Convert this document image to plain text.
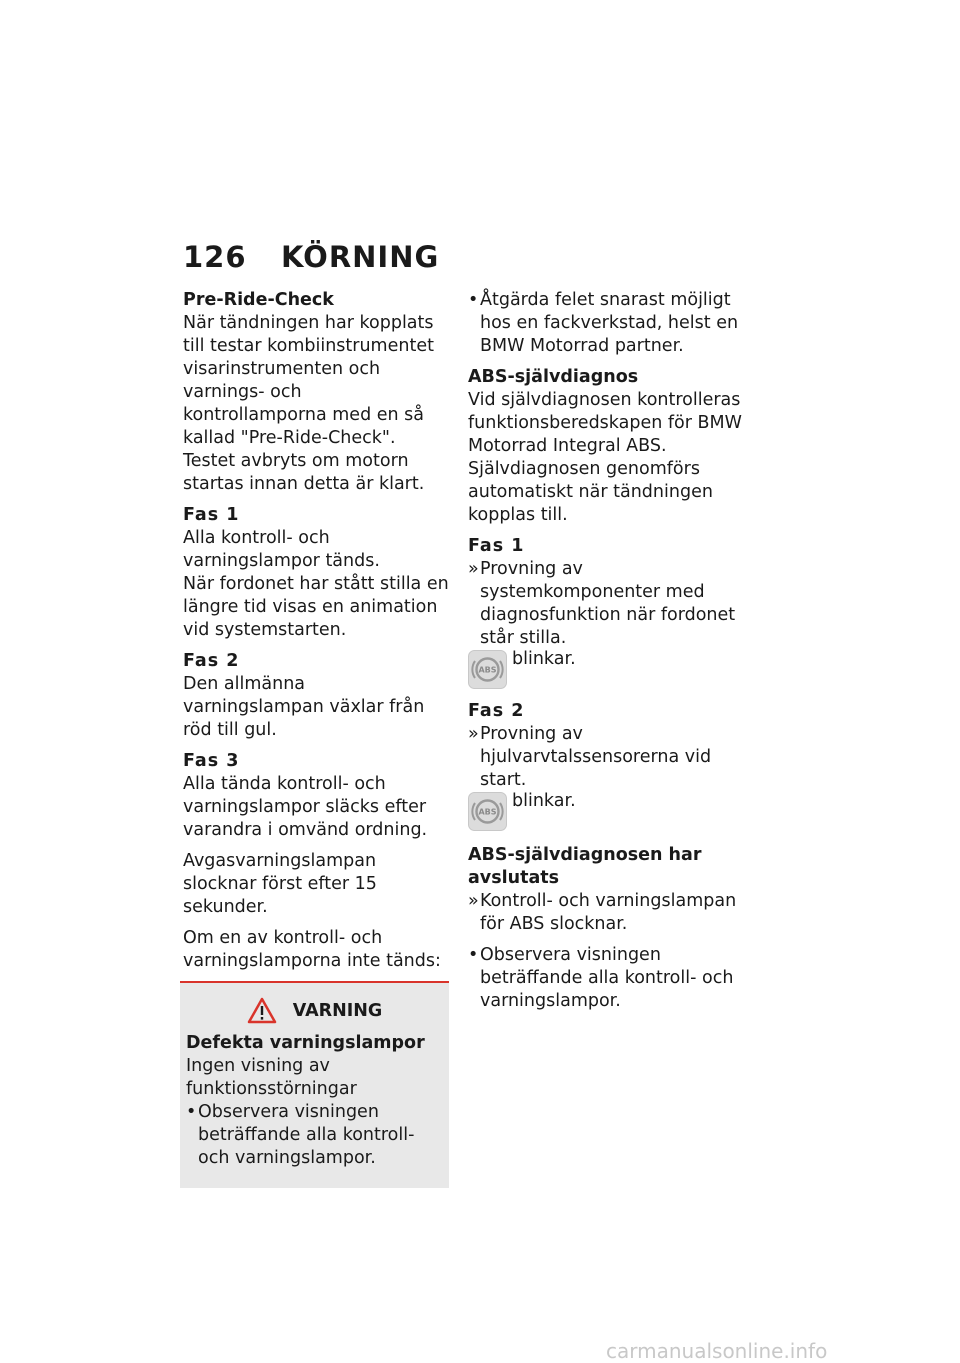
126 KÖRNING

Pre-Ride-Check

När tändningen har kopplats till testar kombiinstrumentet visarinstrumenten och varnings- och kontrollamporna med en så kallad "Pre-Ride-Check". Testet avbryts om motorn startas innan detta är klart.

Fas 1

Alla kontroll- och varningslampor tänds.

När fordonet har stått stilla en längre tid visas en animation vid systemstarten.

Fas 2

Den allmänna varningslampan växlar från röd till gul.

Fas 3

Alla tända kontroll- och varningslampor släcks efter varandra i omvänd ordning.

Avgasvarningslampan slocknar först efter 15 sekunder.

Om en av kontroll- och varningslamporna inte tänds:

VARNING

Defekta varningslampor

Ingen visning av funktionsstörningar

• Observera visningen beträffande alla kontroll- och varningslampor.
• Åtgärda felet snarast möjligt hos en fackverkstad, helst en BMW Motorrad partner.

ABS-självdiagnos

Vid självdiagnosen kontrolleras funktionsberedskapen för BMW Motorrad Integral ABS. Självdiagnosen genomförs automatiskt när tändningen kopplas till.

Fas 1

» Provning av systemkomponenter med diagnosfunktion när fordonet står stilla.
ABS
blinkar.

Fas 2

» Provning av hjulvarvtalssensorerna vid start.
ABS
blinkar.

ABS-självdiagnosen har avslutats

» Kontroll- och varningslampan för ABS slocknar.
• Observera visningen beträffande alla kontroll- och varningslampor.
carmanualsonline.info
